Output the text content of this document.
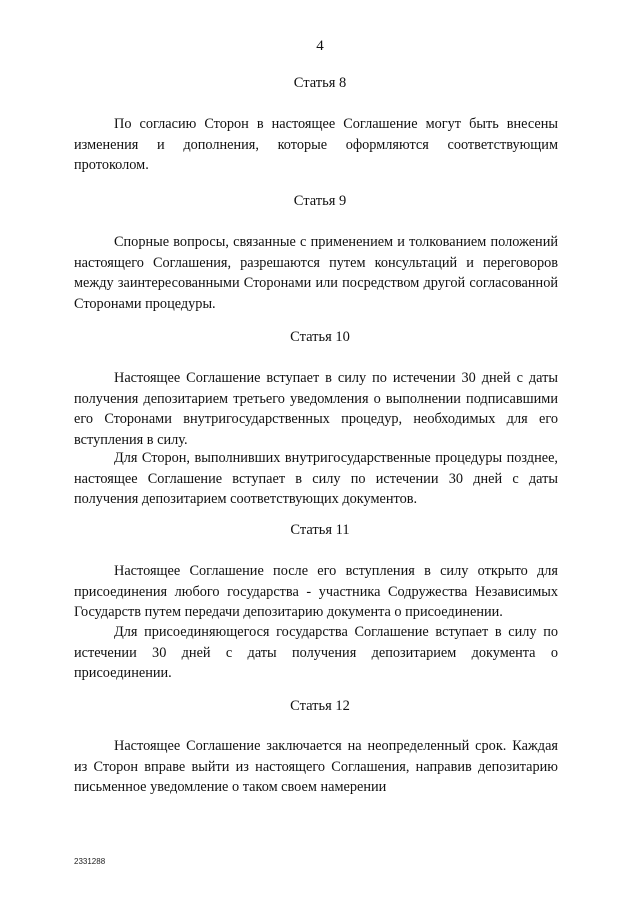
4
Статья 8

По согласию Сторон в настоящее Соглашение могут быть внесены изменения и дополнения, которые оформляются соответствующим протоколом.

Статья 9

Спорные вопросы, связанные с применением и толкованием положений настоящего Соглашения, разрешаются путем консультаций и переговоров между заинтересованными Сторонами или посредством другой согласованной Сторонами процедуры.

Статья 10

Настоящее Соглашение вступает в силу по истечении 30 дней с даты получения депозитарием третьего уведомления о выполнении подписавшими его Сторонами внутригосударственных процедур, необходимых для его вступления в силу.

Для Сторон, выполнивших внутригосударственные процедуры позднее, настоящее Соглашение вступает в силу по истечении 30 дней с даты получения депозитарием соответствующих документов.

Статья 11

Настоящее Соглашение после его вступления в силу открыто для присоединения любого государства - участника Содружества Независимых Государств путем передачи депозитарию документа о присоединении.

Для присоединяющегося государства Соглашение вступает в силу по истечении 30 дней с даты получения депозитарием документа о присоединении.

Статья 12

Настоящее Соглашение заключается на неопределенный срок. Каждая из Сторон вправе выйти из настоящего Соглашения, направив депозитарию письменное уведомление о таком своем намерении

2331288
